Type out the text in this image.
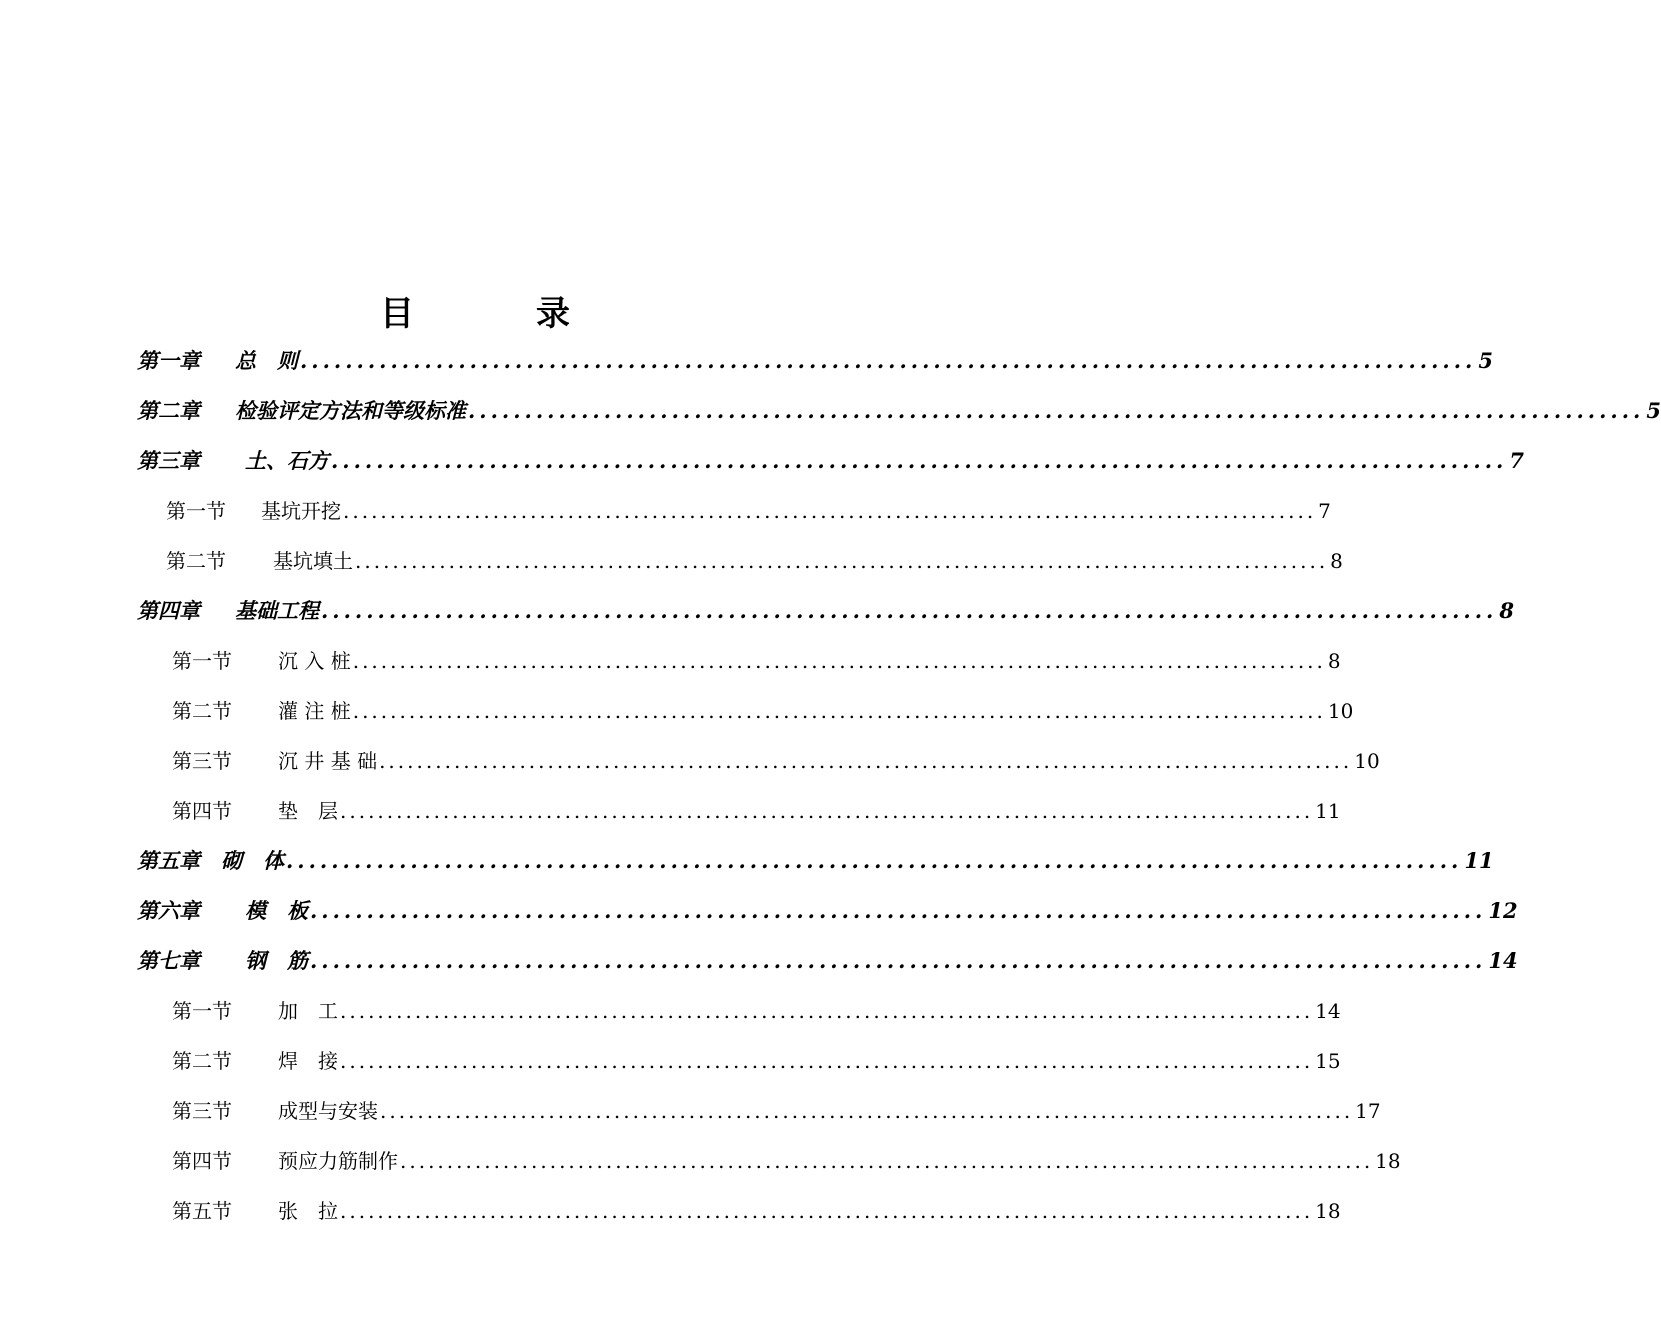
目　录
第一章	总　则 ........................................................................................................ 5
第二章	检验评定方法和等级标准 ........................................................................................................ 5
第三章	土、石方 ........................................................................................................ 7
第一节	基坑开挖 ........................................................................................................ 7
第二节	基坑填土 ........................................................................................................ 8
第四章	基础工程 ........................................................................................................ 8
第一节	沉 入 桩 ........................................................................................................ 8
第二节	灌 注 桩 ........................................................................................................ 10
第三节	沉 井 基 础 ........................................................................................................ 10
第四节	垫　层 ........................................................................................................ 11
第五章	砌　体 ........................................................................................................ 11
第六章	模　板 ........................................................................................................ 12
第七章	钢　筋 ........................................................................................................ 14
第一节	加　工 ........................................................................................................ 14
第二节	焊　接 ........................................................................................................ 15
第三节	成型与安装 ........................................................................................................ 17
第四节	预应力筋制作 ........................................................................................................ 18
第五节	张　拉 ........................................................................................................ 18
